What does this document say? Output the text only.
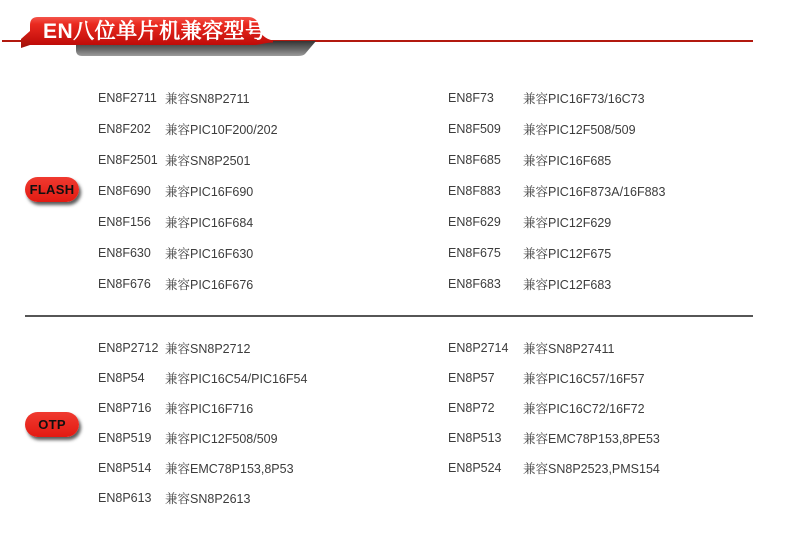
EN八位单片机兼容型号
FLASH
EN8F2711 兼容SN8P2711
EN8F202	兼容PIC10F200/202
EN8F2501 兼容SN8P2501
EN8F690	兼容PIC16F690
EN8F156	兼容PIC16F684
EN8F630	兼容PIC16F630
EN8F676	兼容PIC16F676
EN8F73	兼容PIC16F73/16C73
EN8F509	兼容PIC12F508/509
EN8F685	兼容PIC16F685
EN8F883	兼容PIC16F873A/16F883
EN8F629	兼容PIC12F629
EN8F675	兼容PIC12F675
EN8F683	兼容PIC12F683
OTP
EN8P2712 兼容SN8P2712
EN8P54	兼容PIC16C54/PIC16F54
EN8P716	兼容PIC16F716
EN8P519	兼容PIC12F508/509
EN8P514	兼容EMC78P153,8P53
EN8P613	兼容SN8P2613
EN8P2714	兼容SN8P27411
EN8P57	兼容PIC16C57/16F57
EN8P72	兼容PIC16C72/16F72
EN8P513	兼容EMC78P153,8PE53
EN8P524	兼容SN8P2523,PMS154
